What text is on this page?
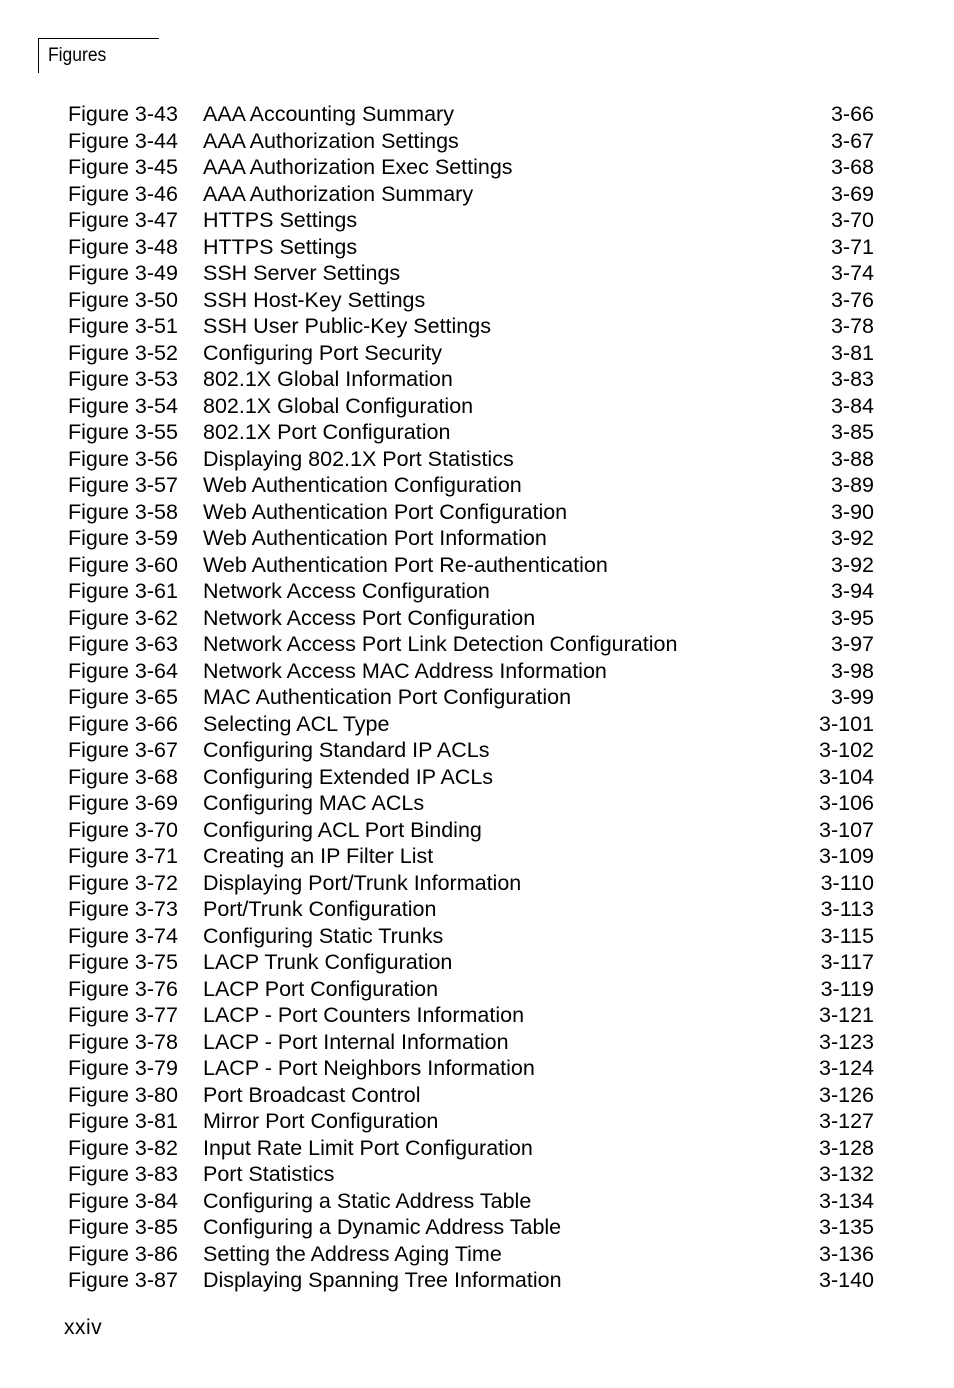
Figures
Figure 3-43 AAA Accounting Summary	3-66
Figure 3-44 AAA Authorization Settings	3-67
Figure 3-45 AAA Authorization Exec Settings	3-68
Figure 3-46 AAA Authorization Summary	3-69
Figure 3-47 HTTPS Settings	3-70
Figure 3-48 HTTPS Settings	3-71
Figure 3-49 SSH Server Settings	3-74
Figure 3-50 SSH Host-Key Settings	3-76
Figure 3-51 SSH User Public-Key Settings	3-78
Figure 3-52 Configuring Port Security	3-81
Figure 3-53 802.1X Global Information	3-83
Figure 3-54 802.1X Global Configuration	3-84
Figure 3-55 802.1X Port Configuration	3-85
Figure 3-56 Displaying 802.1X Port Statistics	3-88
Figure 3-57 Web Authentication Configuration	3-89
Figure 3-58 Web Authentication Port Configuration	3-90
Figure 3-59 Web Authentication Port Information	3-92
Figure 3-60 Web Authentication Port Re-authentication	3-92
Figure 3-61 Network Access Configuration	3-94
Figure 3-62 Network Access Port Configuration	3-95
Figure 3-63 Network Access Port Link Detection Configuration	3-97
Figure 3-64 Network Access MAC Address Information	3-98
Figure 3-65 MAC Authentication Port Configuration	3-99
Figure 3-66 Selecting ACL Type	3-101
Figure 3-67 Configuring Standard IP ACLs	3-102
Figure 3-68 Configuring Extended IP ACLs	3-104
Figure 3-69 Configuring MAC ACLs	3-106
Figure 3-70 Configuring ACL Port Binding	3-107
Figure 3-71 Creating an IP Filter List	3-109
Figure 3-72 Displaying Port/Trunk Information	3-110
Figure 3-73 Port/Trunk Configuration	3-113
Figure 3-74 Configuring Static Trunks	3-115
Figure 3-75 LACP Trunk Configuration	3-117
Figure 3-76 LACP Port Configuration	3-119
Figure 3-77 LACP - Port Counters Information	3-121
Figure 3-78 LACP - Port Internal Information	3-123
Figure 3-79 LACP - Port Neighbors Information	3-124
Figure 3-80 Port Broadcast Control	3-126
Figure 3-81 Mirror Port Configuration	3-127
Figure 3-82 Input Rate Limit Port Configuration	3-128
Figure 3-83 Port Statistics	3-132
Figure 3-84 Configuring a Static Address Table	3-134
Figure 3-85 Configuring a Dynamic Address Table	3-135
Figure 3-86 Setting the Address Aging Time	3-136
Figure 3-87 Displaying Spanning Tree Information	3-140
xxiv
